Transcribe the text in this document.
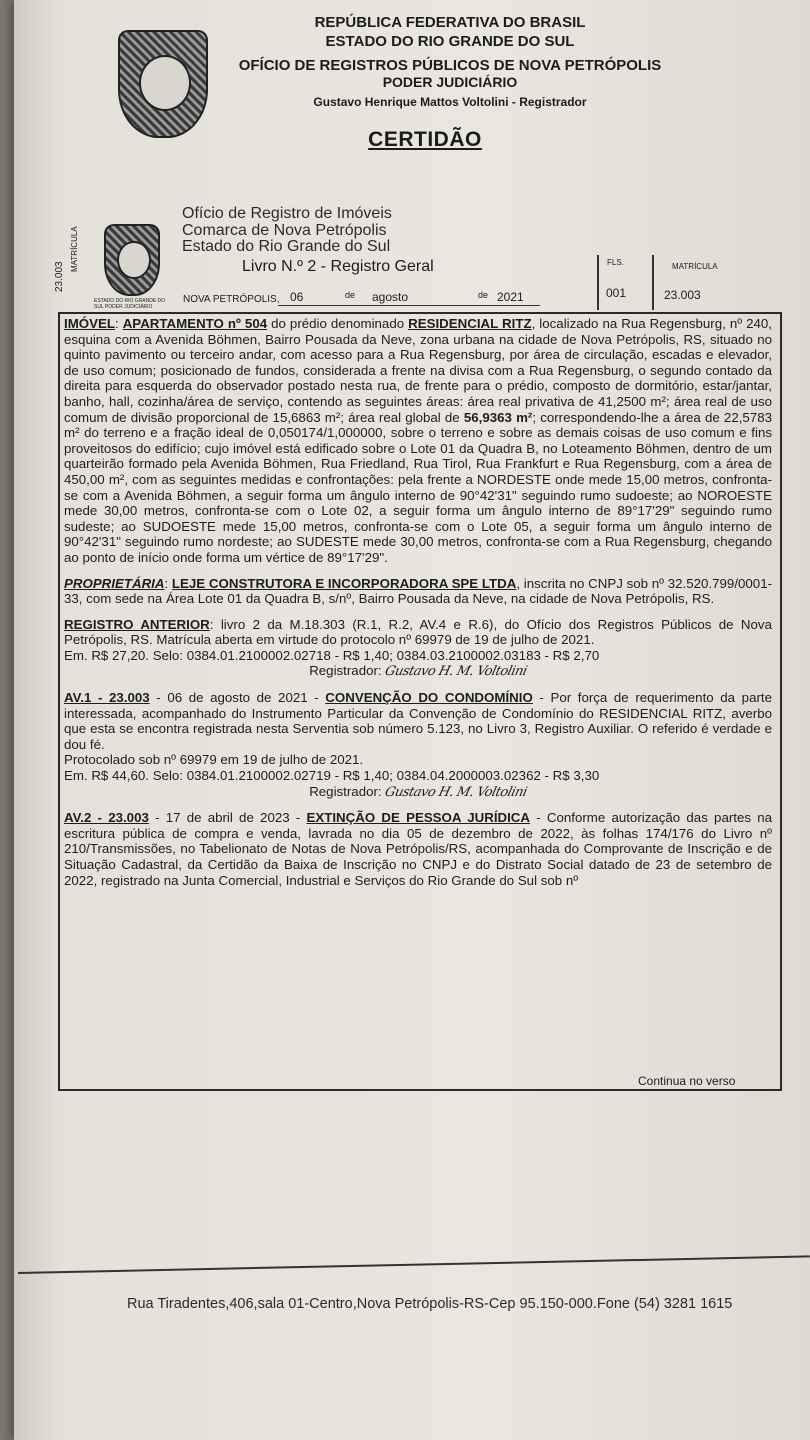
REPÚBLICA FEDERATIVA DO BRASIL
ESTADO DO RIO GRANDE DO SUL
OFÍCIO DE REGISTROS PÚBLICOS DE NOVA PETRÓPOLIS
PODER JUDICIÁRIO
Gustavo Henrique Mattos Voltolini - Registrador
CERTIDÃO
ESTADO DO RIO GRANDE DO SUL PODER JUDICIÁRIO
23.003
MATRÍCULA
Ofício de Registro de Imóveis
Comarca de Nova Petrópolis
Estado do Rio Grande do Sul
Livro N.º 2 - Registro Geral
NOVA PETRÓPOLIS, 06	de agosto	de 2021
FLS.
001
MATRÍCULA
23.003

IMÓVEL: APARTAMENTO nº 504 do prédio denominado RESIDENCIAL RITZ, localizado na Rua Regensburg, nº 240, esquina com a Avenida Böhmen, Bairro Pousada da Neve, zona urbana na cidade de Nova Petrópolis, RS, situado no quinto pavimento ou terceiro andar, com acesso para a Rua Regensburg, por área de circulação, escadas e elevador, de uso comum; posicionado de fundos, considerada a frente na divisa com a Rua Regensburg, o segundo contado da direita para esquerda do observador postado nesta rua, de frente para o prédio, composto de dormitório, estar/jantar, banho, hall, cozinha/área de serviço, contendo as seguintes áreas: área real privativa de 41,2500 m²; área real de uso comum de divisão proporcional de 15,6863 m²; área real global de 56,9363 m²; correspondendo-lhe a área de 22,5783 m² do terreno e a fração ideal de 0,050174/1,000000, sobre o terreno e sobre as demais coisas de uso comum e fins proveitosos do edifício; cujo imóvel está edificado sobre o Lote 01 da Quadra B, no Loteamento Böhmen, dentro de um quarteirão formado pela Avenida Böhmen, Rua Friedland, Rua Tirol, Rua Frankfurt e Rua Regensburg, com a área de 450,00 m², com as seguintes medidas e confrontações: pela frente a NORDESTE onde mede 15,00 metros, confronta-se com a Avenida Böhmen, a seguir forma um ângulo interno de 90°42'31" seguindo rumo sudoeste; ao NOROESTE mede 30,00 metros, confronta-se com o Lote 02, a seguir forma um ângulo interno de 89°17'29" seguindo rumo sudeste; ao SUDOESTE mede 15,00 metros, confronta-se com o Lote 05, a seguir forma um ângulo interno de 90°42'31" seguindo rumo nordeste; ao SUDESTE mede 30,00 metros, confronta-se com a Rua Regensburg, chegando ao ponto de início onde forma um vértice de 89°17'29".

PROPRIETÁRIA: LEJE CONSTRUTORA E INCORPORADORA SPE LTDA, inscrita no CNPJ sob nº 32.520.799/0001-33, com sede na Área Lote 01 da Quadra B, s/nº, Bairro Pousada da Neve, na cidade de Nova Petrópolis, RS.

REGISTRO ANTERIOR: livro 2 da M.18.303 (R.1, R.2, AV.4 e R.6), do Ofício dos Registros Públicos de Nova Petrópolis, RS. Matrícula aberta em virtude do protocolo nº 69979 de 19 de julho de 2021.
Em. R$ 27,20. Selo: 0384.01.2100002.02718 - R$ 1,40; 0384.03.2100002.03183 - R$ 2,70

Registrador: Gustavo H. M. Voltolini

AV.1 - 23.003 - 06 de agosto de 2021 - CONVENÇÃO DO CONDOMÍNIO - Por força de requerimento da parte interessada, acompanhado do Instrumento Particular da Convenção de Condomínio do RESIDENCIAL RITZ, averbo que esta se encontra registrada nesta Serventia sob número 5.123, no Livro 3, Registro Auxiliar. O referido é verdade e dou fé.
Protocolado sob nº 69979 em 19 de julho de 2021.
Em. R$ 44,60. Selo: 0384.01.2100002.02719 - R$ 1,40; 0384.04.2000003.02362 - R$ 3,30

Registrador: Gustavo H. M. Voltolini

AV.2 - 23.003 - 17 de abril de 2023 - EXTINÇÃO DE PESSOA JURÍDICA - Conforme autorização das partes na escritura pública de compra e venda, lavrada no dia 05 de dezembro de 2022, às folhas 174/176 do Livro nº 210/Transmissões, no Tabelionato de Notas de Nova Petrópolis/RS, acompanhada do Comprovante de Inscrição e de Situação Cadastral, da Certidão da Baixa de Inscrição no CNPJ e do Distrato Social datado de 23 de setembro de 2022, registrado na Junta Comercial, Industrial e Serviços do Rio Grande do Sul sob nº

Continua no verso
Rua Tiradentes,406,sala 01-Centro,Nova Petrópolis-RS-Cep 95.150-000.Fone (54) 3281 1615
